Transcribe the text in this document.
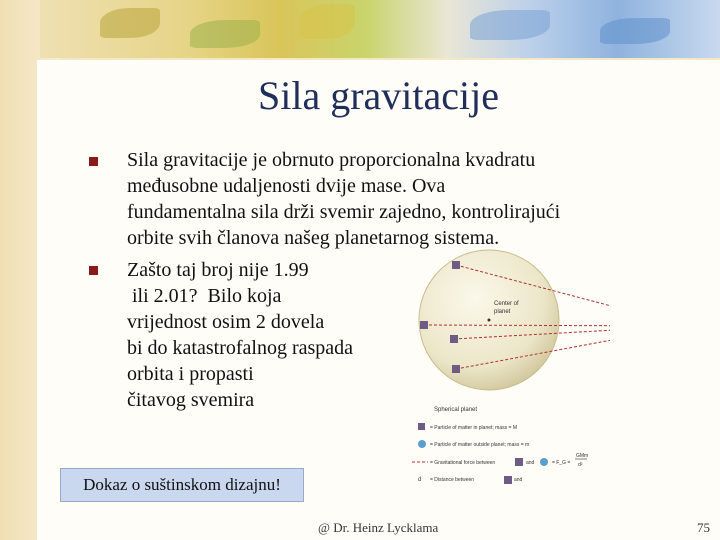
Sila gravitacije
Sila gravitacije je obrnuto proporcionalna kvadratu
međusobne udaljenosti dvije mase. Ova
fundamentalna sila drži svemir zajedno, kontrolirajući
orbite svih članova našeg planetarnog sistema.
Zašto taj broj nije 1.99
ili 2.01?  Bilo koja
vrijednost osim 2 dovela
bi do katastrofalnog raspada
orbita i propasti
čitavog svemira
Center of
planet
Spherical planet
= Particle of matter in planet; mass = M
= Particle of matter outside planet; mass = m
= Gravitational force between	and	= F_G =
GMm
d²
d = Distance between	and
Dokaz o suštinskom dizajnu!
@ Dr. Heinz Lycklama	75
